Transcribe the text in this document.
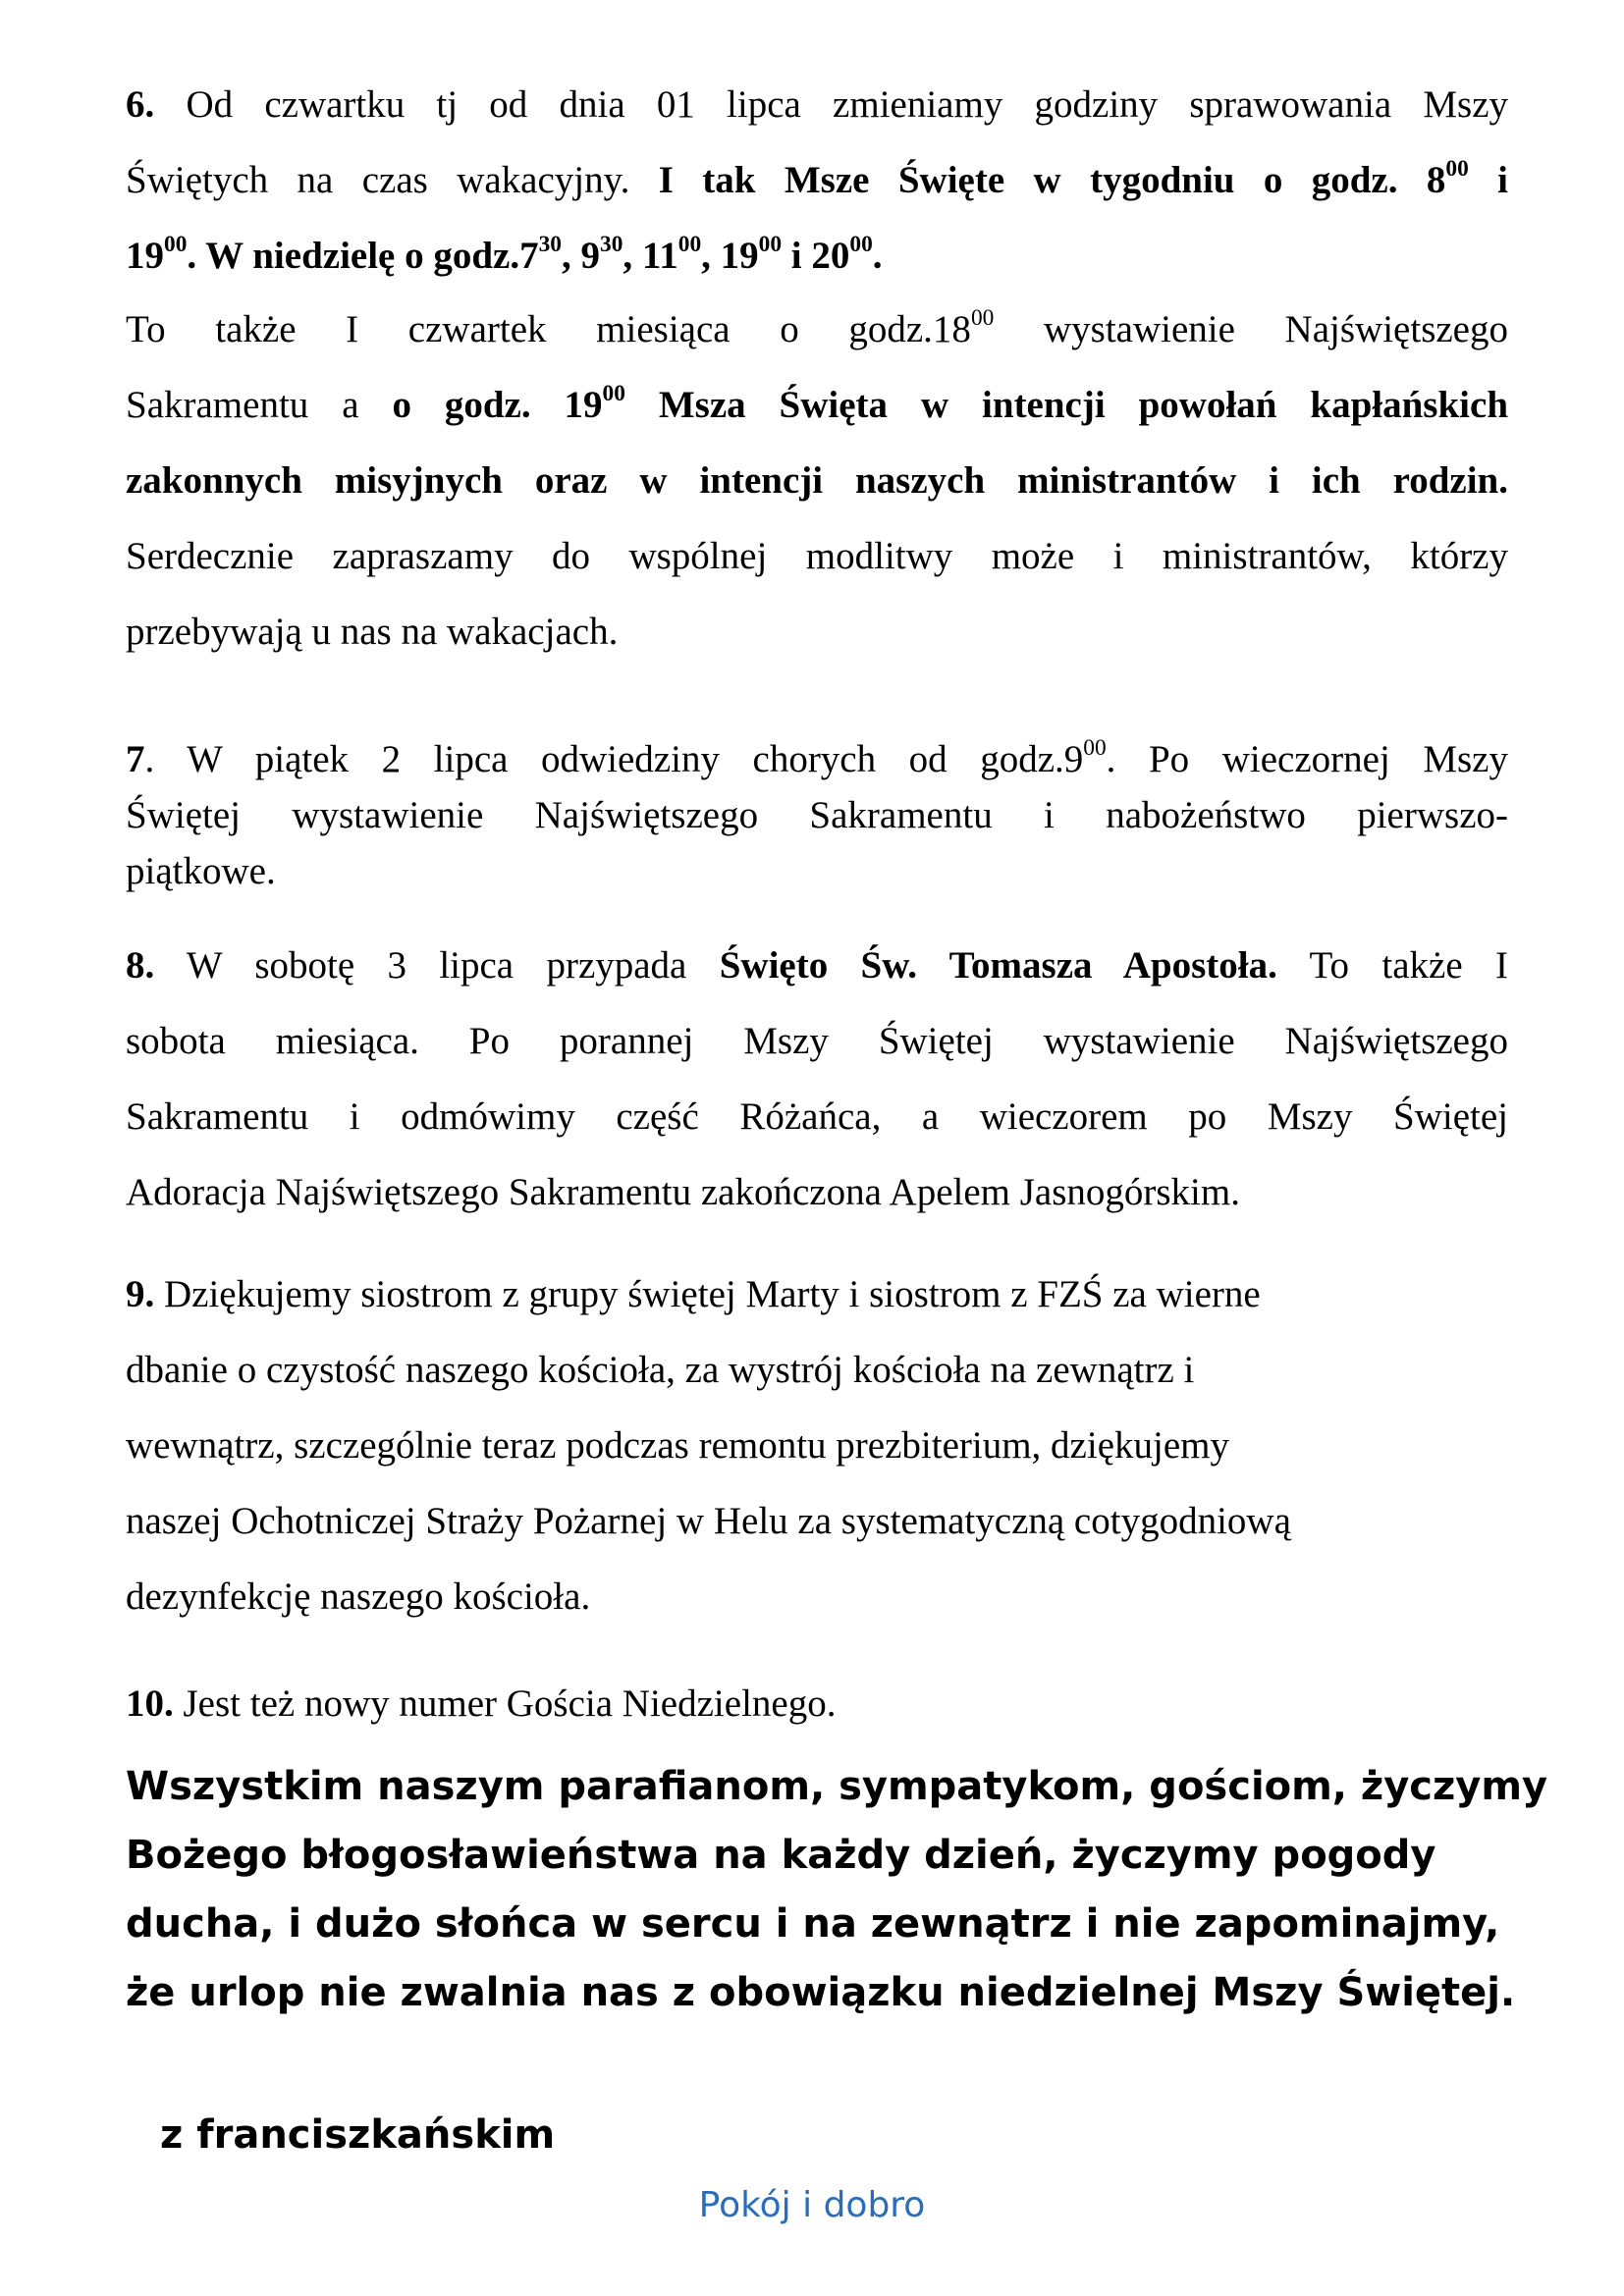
6. Od czwartku tj od dnia 01 lipca zmieniamy godziny sprawowania Mszy
Świętych na czas wakacyjny. I tak Msze Święte w tygodniu o godz. $8^{00}$ i
$19^{00}$. W niedzielę o $godz.7^{30}$, $9^{30}$, $11^{00}$, $19^{00}$ i $20^{00}$.
To także I czwartek miesiąca o $godz.18^{00}$ wystawienie Najświętszego
Sakramentu a o godz. $19^{00}$ Msza Święta w intencji powołań kapłańskich
zakonnych misyjnych oraz w intencji naszych ministrantów i ich rodzin.
Serdecznie zapraszamy do wspólnej modlitwy może i ministrantów, którzy
przebywają u nas na wakacjach.
7. W piątek 2 lipca odwiedziny chorych od $godz.9^{00}$. Po wieczornej Mszy
Świętej wystawienie Najświętszego Sakramentu i nabożeństwo pierwszo-
piątkowe.
8. W sobotę 3 lipca przypada Święto Św. Tomasza Apostoła. To także I
sobota miesiąca. Po porannej Mszy Świętej wystawienie Najświętszego
Sakramentu i odmówimy część Różańca, a wieczorem po Mszy Świętej
Adoracja Najświętszego Sakramentu zakończona Apelem Jasnogórskim.
9. Dziękujemy siostrom z grupy świętej Marty i siostrom z FZŚ za wierne
dbanie o czystość naszego kościoła, za wystrój kościoła na zewnątrz i
wewnątrz, szczególnie teraz podczas remontu prezbiterium, dziękujemy
naszej Ochotniczej Straży Pożarnej w Helu za systematyczną cotygodniową
dezynfekcję naszego kościoła.
10. Jest też nowy numer Gościa Niedzielnego.
Wszystkim naszym parafianom, sympatykom, gościom, życzymy
Bożego błogosławieństwa na każdy dzień, życzymy pogody
ducha, i dużo słońca w sercu i na zewnątrz i nie zapominajmy,
że urlop nie zwalnia nas z obowiązku niedzielnej Mszy Świętej.
z franciszkańskim
Pokój i dobro
